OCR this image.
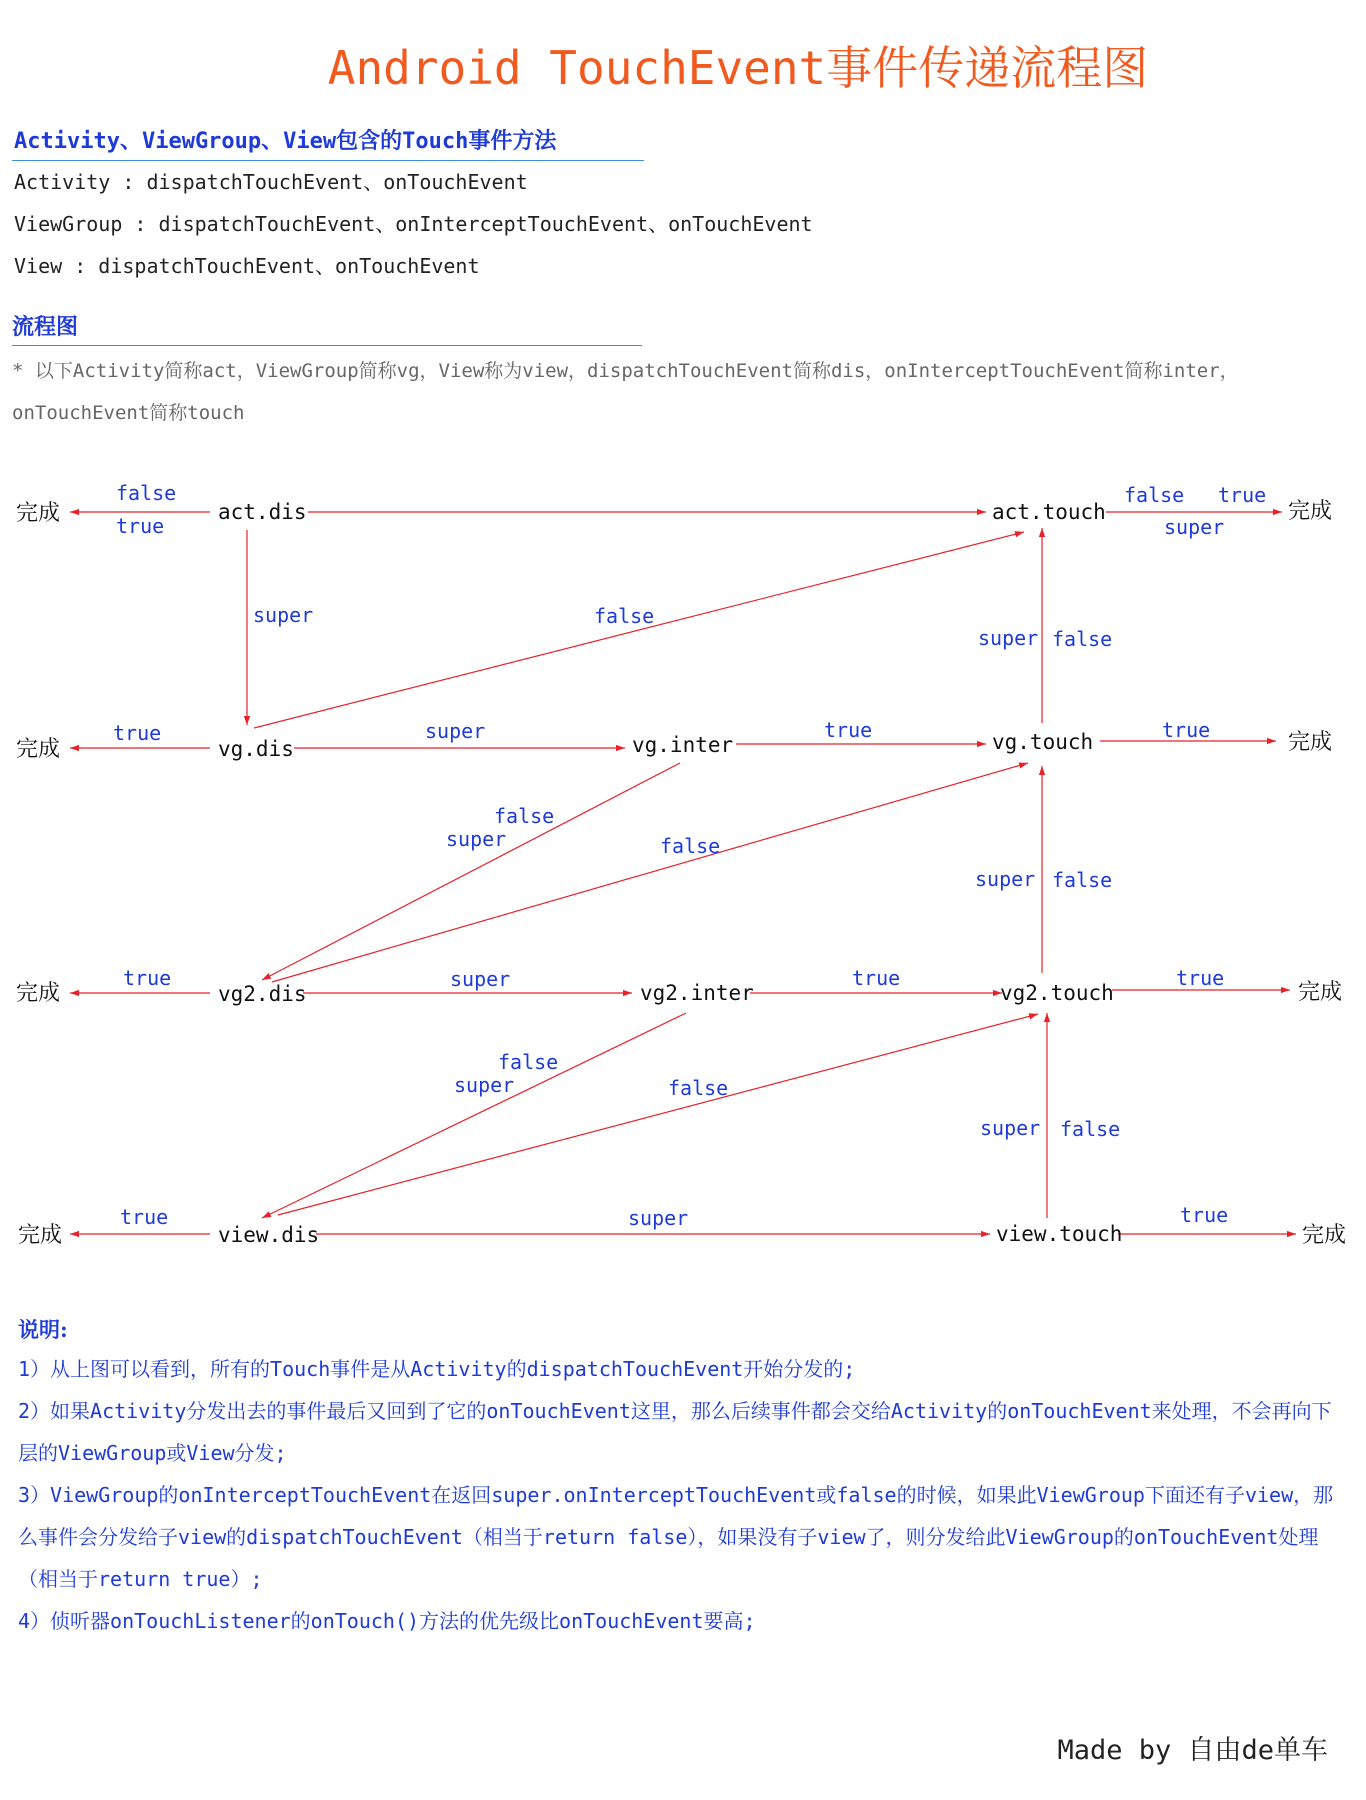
Android TouchEvent事件传递流程图
Activity、ViewGroup、View包含的Touch事件方法
Activity : dispatchTouchEvent、onTouchEvent
ViewGroup : dispatchTouchEvent、onInterceptTouchEvent、onTouchEvent
View : dispatchTouchEvent、onTouchEvent
流程图
* 以下Activity简称act，ViewGroup简称vg，View称为view，dispatchTouchEvent简称dis，onInterceptTouchEvent简称inter，onTouchEvent简称touch
act.dis	act.touch
vg.dis	vg.inter	vg.touch
vg2.dis	vg2.inter	vg2.touch
view.dis	view.touch
完成	完成
完成	完成
完成	完成
完成	完成
false
true
false true
super
super	false
super false
true	super	true	true
false
super	false
super false
true	super	true	true
false
super	false
super false
true	super	true
说明:
1）从上图可以看到，所有的Touch事件是从Activity的dispatchTouchEvent开始分发的;
2）如果Activity分发出去的事件最后又回到了它的onTouchEvent这里，那么后续事件都会交给Activity的onTouchEvent来处理，不会再向下层的ViewGroup或View分发;
3）ViewGroup的onInterceptTouchEvent在返回super.onInterceptTouchEvent或false的时候，如果此ViewGroup下面还有子view，那么事件会分发给子view的dispatchTouchEvent（相当于return false），如果没有子view了，则分发给此ViewGroup的onTouchEvent处理（相当于return true）;
4）侦听器onTouchListener的onTouch()方法的优先级比onTouchEvent要高;
Made by 自由de单车
